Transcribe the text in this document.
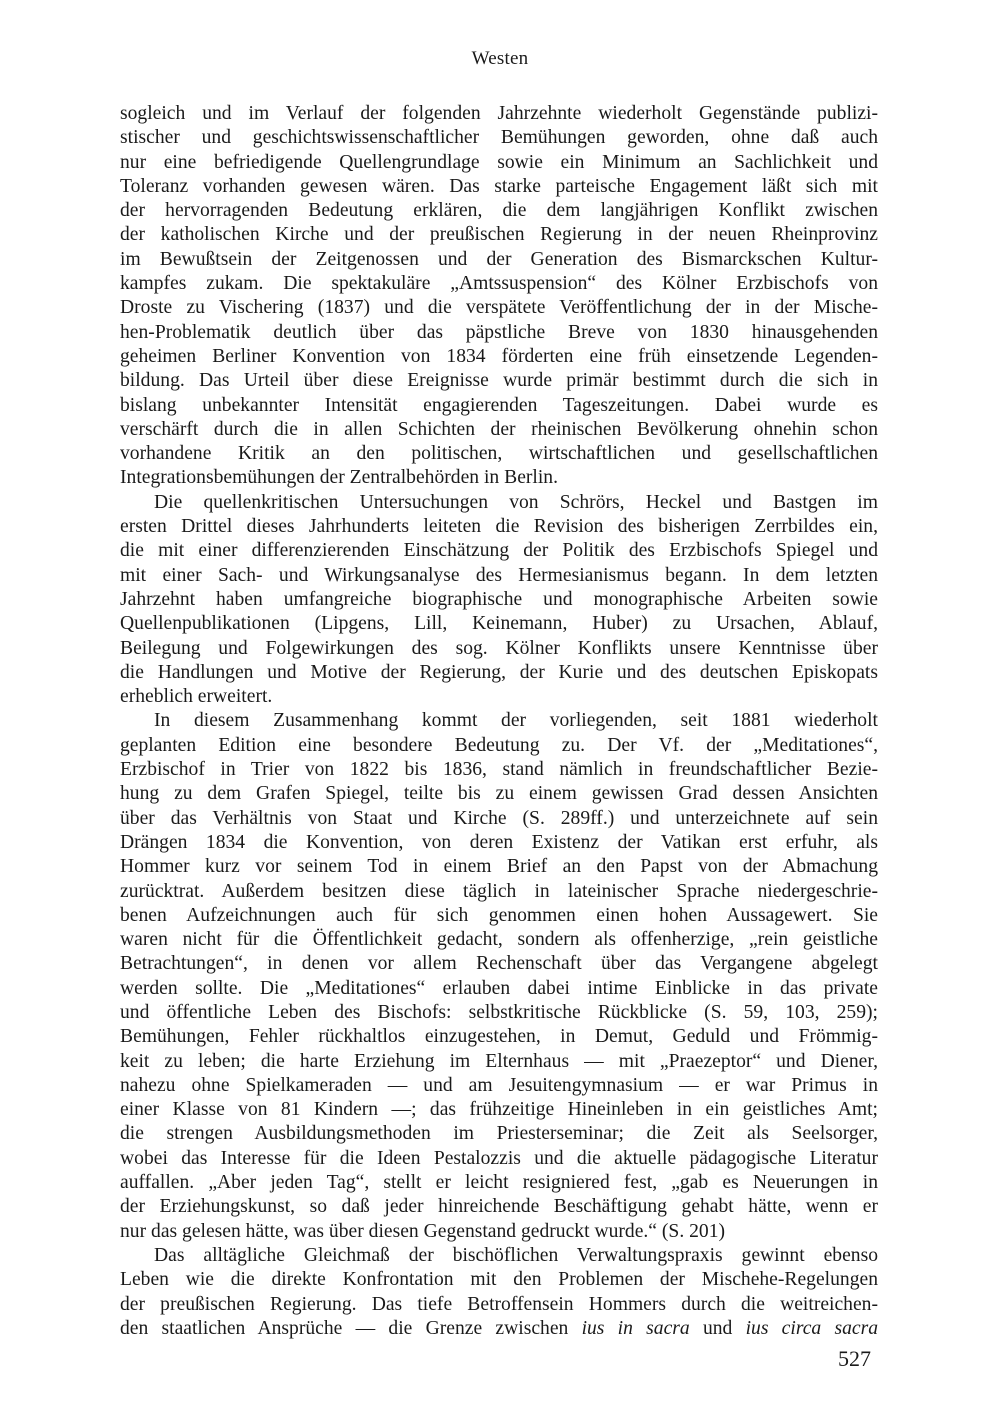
Westen
sogleich und im Verlauf der folgenden Jahrzehnte wiederholt Gegenstände publizi-
stischer und geschichtswissenschaftlicher Bemühungen geworden, ohne daß auch
nur eine befriedigende Quellengrundlage sowie ein Minimum an Sachlichkeit und
Toleranz vorhanden gewesen wären. Das starke parteische Engagement läßt sich mit
der hervorragenden Bedeutung erklären, die dem langjährigen Konflikt zwischen
der katholischen Kirche und der preußischen Regierung in der neuen Rheinprovinz
im Bewußtsein der Zeitgenossen und der Generation des Bismarckschen Kultur-
kampfes zukam. Die spektakuläre „Amtssuspension“ des Kölner Erzbischofs von
Droste zu Vischering (1837) und die verspätete Veröffentlichung der in der Mische-
hen-Problematik deutlich über das päpstliche Breve von 1830 hinausgehenden
geheimen Berliner Konvention von 1834 förderten eine früh einsetzende Legenden-
bildung. Das Urteil über diese Ereignisse wurde primär bestimmt durch die sich in
bislang unbekannter Intensität engagierenden Tageszeitungen. Dabei wurde es
verschärft durch die in allen Schichten der rheinischen Bevölkerung ohnehin schon
vorhandene Kritik an den politischen, wirtschaftlichen und gesellschaftlichen
Integrationsbemühungen der Zentralbehörden in Berlin.
Die quellenkritischen Untersuchungen von Schrörs, Heckel und Bastgen im
ersten Drittel dieses Jahrhunderts leiteten die Revision des bisherigen Zerrbildes ein,
die mit einer differenzierenden Einschätzung der Politik des Erzbischofs Spiegel und
mit einer Sach- und Wirkungsanalyse des Hermesianismus begann. In dem letzten
Jahrzehnt haben umfangreiche biographische und monographische Arbeiten sowie
Quellenpublikationen (Lipgens, Lill, Keinemann, Huber) zu Ursachen, Ablauf,
Beilegung und Folgewirkungen des sog. Kölner Konflikts unsere Kenntnisse über
die Handlungen und Motive der Regierung, der Kurie und des deutschen Episkopats
erheblich erweitert.
In diesem Zusammenhang kommt der vorliegenden, seit 1881 wiederholt
geplanten Edition eine besondere Bedeutung zu. Der Vf. der „Meditationes“,
Erzbischof in Trier von 1822 bis 1836, stand nämlich in freundschaftlicher Bezie-
hung zu dem Grafen Spiegel, teilte bis zu einem gewissen Grad dessen Ansichten
über das Verhältnis von Staat und Kirche (S. 289ff.) und unterzeichnete auf sein
Drängen 1834 die Konvention, von deren Existenz der Vatikan erst erfuhr, als
Hommer kurz vor seinem Tod in einem Brief an den Papst von der Abmachung
zurücktrat. Außerdem besitzen diese täglich in lateinischer Sprache niedergeschrie-
benen Aufzeichnungen auch für sich genommen einen hohen Aussagewert. Sie
waren nicht für die Öffentlichkeit gedacht, sondern als offenherzige, „rein geistliche
Betrachtungen“, in denen vor allem Rechenschaft über das Vergangene abgelegt
werden sollte. Die „Meditationes“ erlauben dabei intime Einblicke in das private
und öffentliche Leben des Bischofs: selbstkritische Rückblicke (S. 59, 103, 259);
Bemühungen, Fehler rückhaltlos einzugestehen, in Demut, Geduld und Frömmig-
keit zu leben; die harte Erziehung im Elternhaus — mit „Praezeptor“ und Diener,
nahezu ohne Spielkameraden — und am Jesuitengymnasium — er war Primus in
einer Klasse von 81 Kindern —; das frühzeitige Hineinleben in ein geistliches Amt;
die strengen Ausbildungsmethoden im Priesterseminar; die Zeit als Seelsorger,
wobei das Interesse für die Ideen Pestalozzis und die aktuelle pädagogische Literatur
auffallen. „Aber jeden Tag“, stellt er leicht resigniered fest, „gab es Neuerungen in
der Erziehungskunst, so daß jeder hinreichende Beschäftigung gehabt hätte, wenn er
nur das gelesen hätte, was über diesen Gegenstand gedruckt wurde.“ (S. 201)
Das alltägliche Gleichmaß der bischöflichen Verwaltungspraxis gewinnt ebenso
Leben wie die direkte Konfrontation mit den Problemen der Mischehe-Regelungen
der preußischen Regierung. Das tiefe Betroffensein Hommers durch die weitreichen-
den staatlichen Ansprüche — die Grenze zwischen ius in sacra und ius circa sacra
527
